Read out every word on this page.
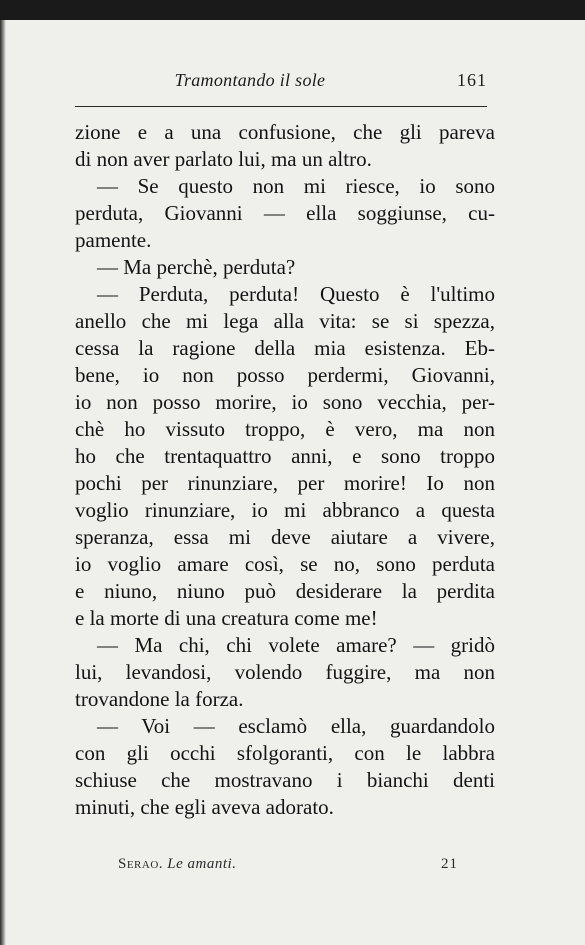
Tramontando il sole	161
zione e a una confusione, che gli pareva
di non aver parlato lui, ma un altro.
— Se questo non mi riesce, io sono
perduta, Giovanni — ella soggiunse, cu-
pamente.
— Ma perchè, perduta?
— Perduta, perduta! Questo è l'ultimo
anello che mi lega alla vita: se si spezza,
cessa la ragione della mia esistenza. Eb-
bene, io non posso perdermi, Giovanni,
io non posso morire, io sono vecchia, per-
chè ho vissuto troppo, è vero, ma non
ho che trentaquattro anni, e sono troppo
pochi per rinunziare, per morire! Io non
voglio rinunziare, io mi abbranco a questa
speranza, essa mi deve aiutare a vivere,
io voglio amare così, se no, sono perduta
e niuno, niuno può desiderare la perdita
e la morte di una creatura come me!
— Ma chi, chi volete amare? — gridò
lui, levandosi, volendo fuggire, ma non
trovandone la forza.
— Voi — esclamò ella, guardandolo
con gli occhi sfolgoranti, con le labbra
schiuse che mostravano i bianchi denti
minuti, che egli aveva adorato.
Serao. Le amanti.	21
